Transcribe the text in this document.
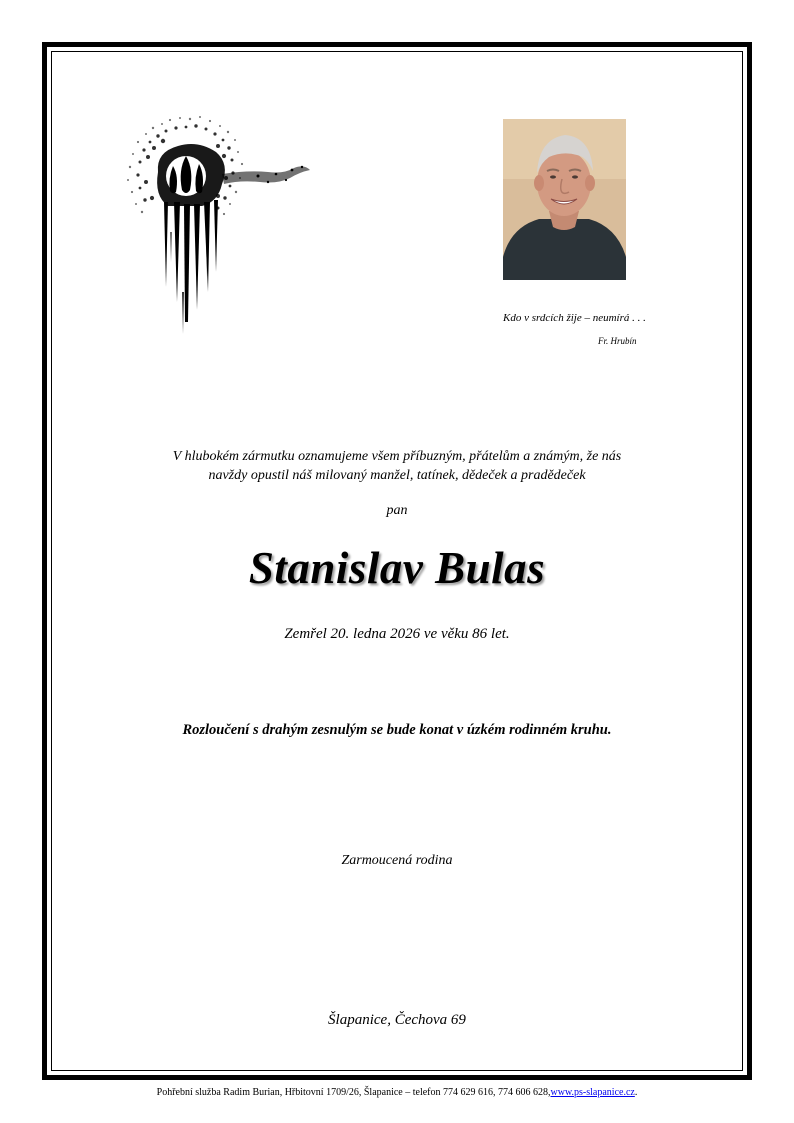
Kdo v srdcích žije – neumírá . . .
Fr. Hrubín
V hlubokém zármutku oznamujeme všem příbuzným, přátelům a známým, že nás
navždy opustil náš milovaný manžel, tatínek, dědeček a pradědeček
pan
Stanislav Bulas
Zemřel 20. ledna 2026 ve věku 86 let.
Rozloučení s drahým zesnulým se bude konat v úzkém rodinném kruhu.
Zarmoucená rodina
Šlapanice, Čechova 69
Pohřební služba Radim Burian, Hřbitovní 1709/26, Šlapanice – telefon 774 629 616, 774 606 628,www.ps-slapanice.cz.
